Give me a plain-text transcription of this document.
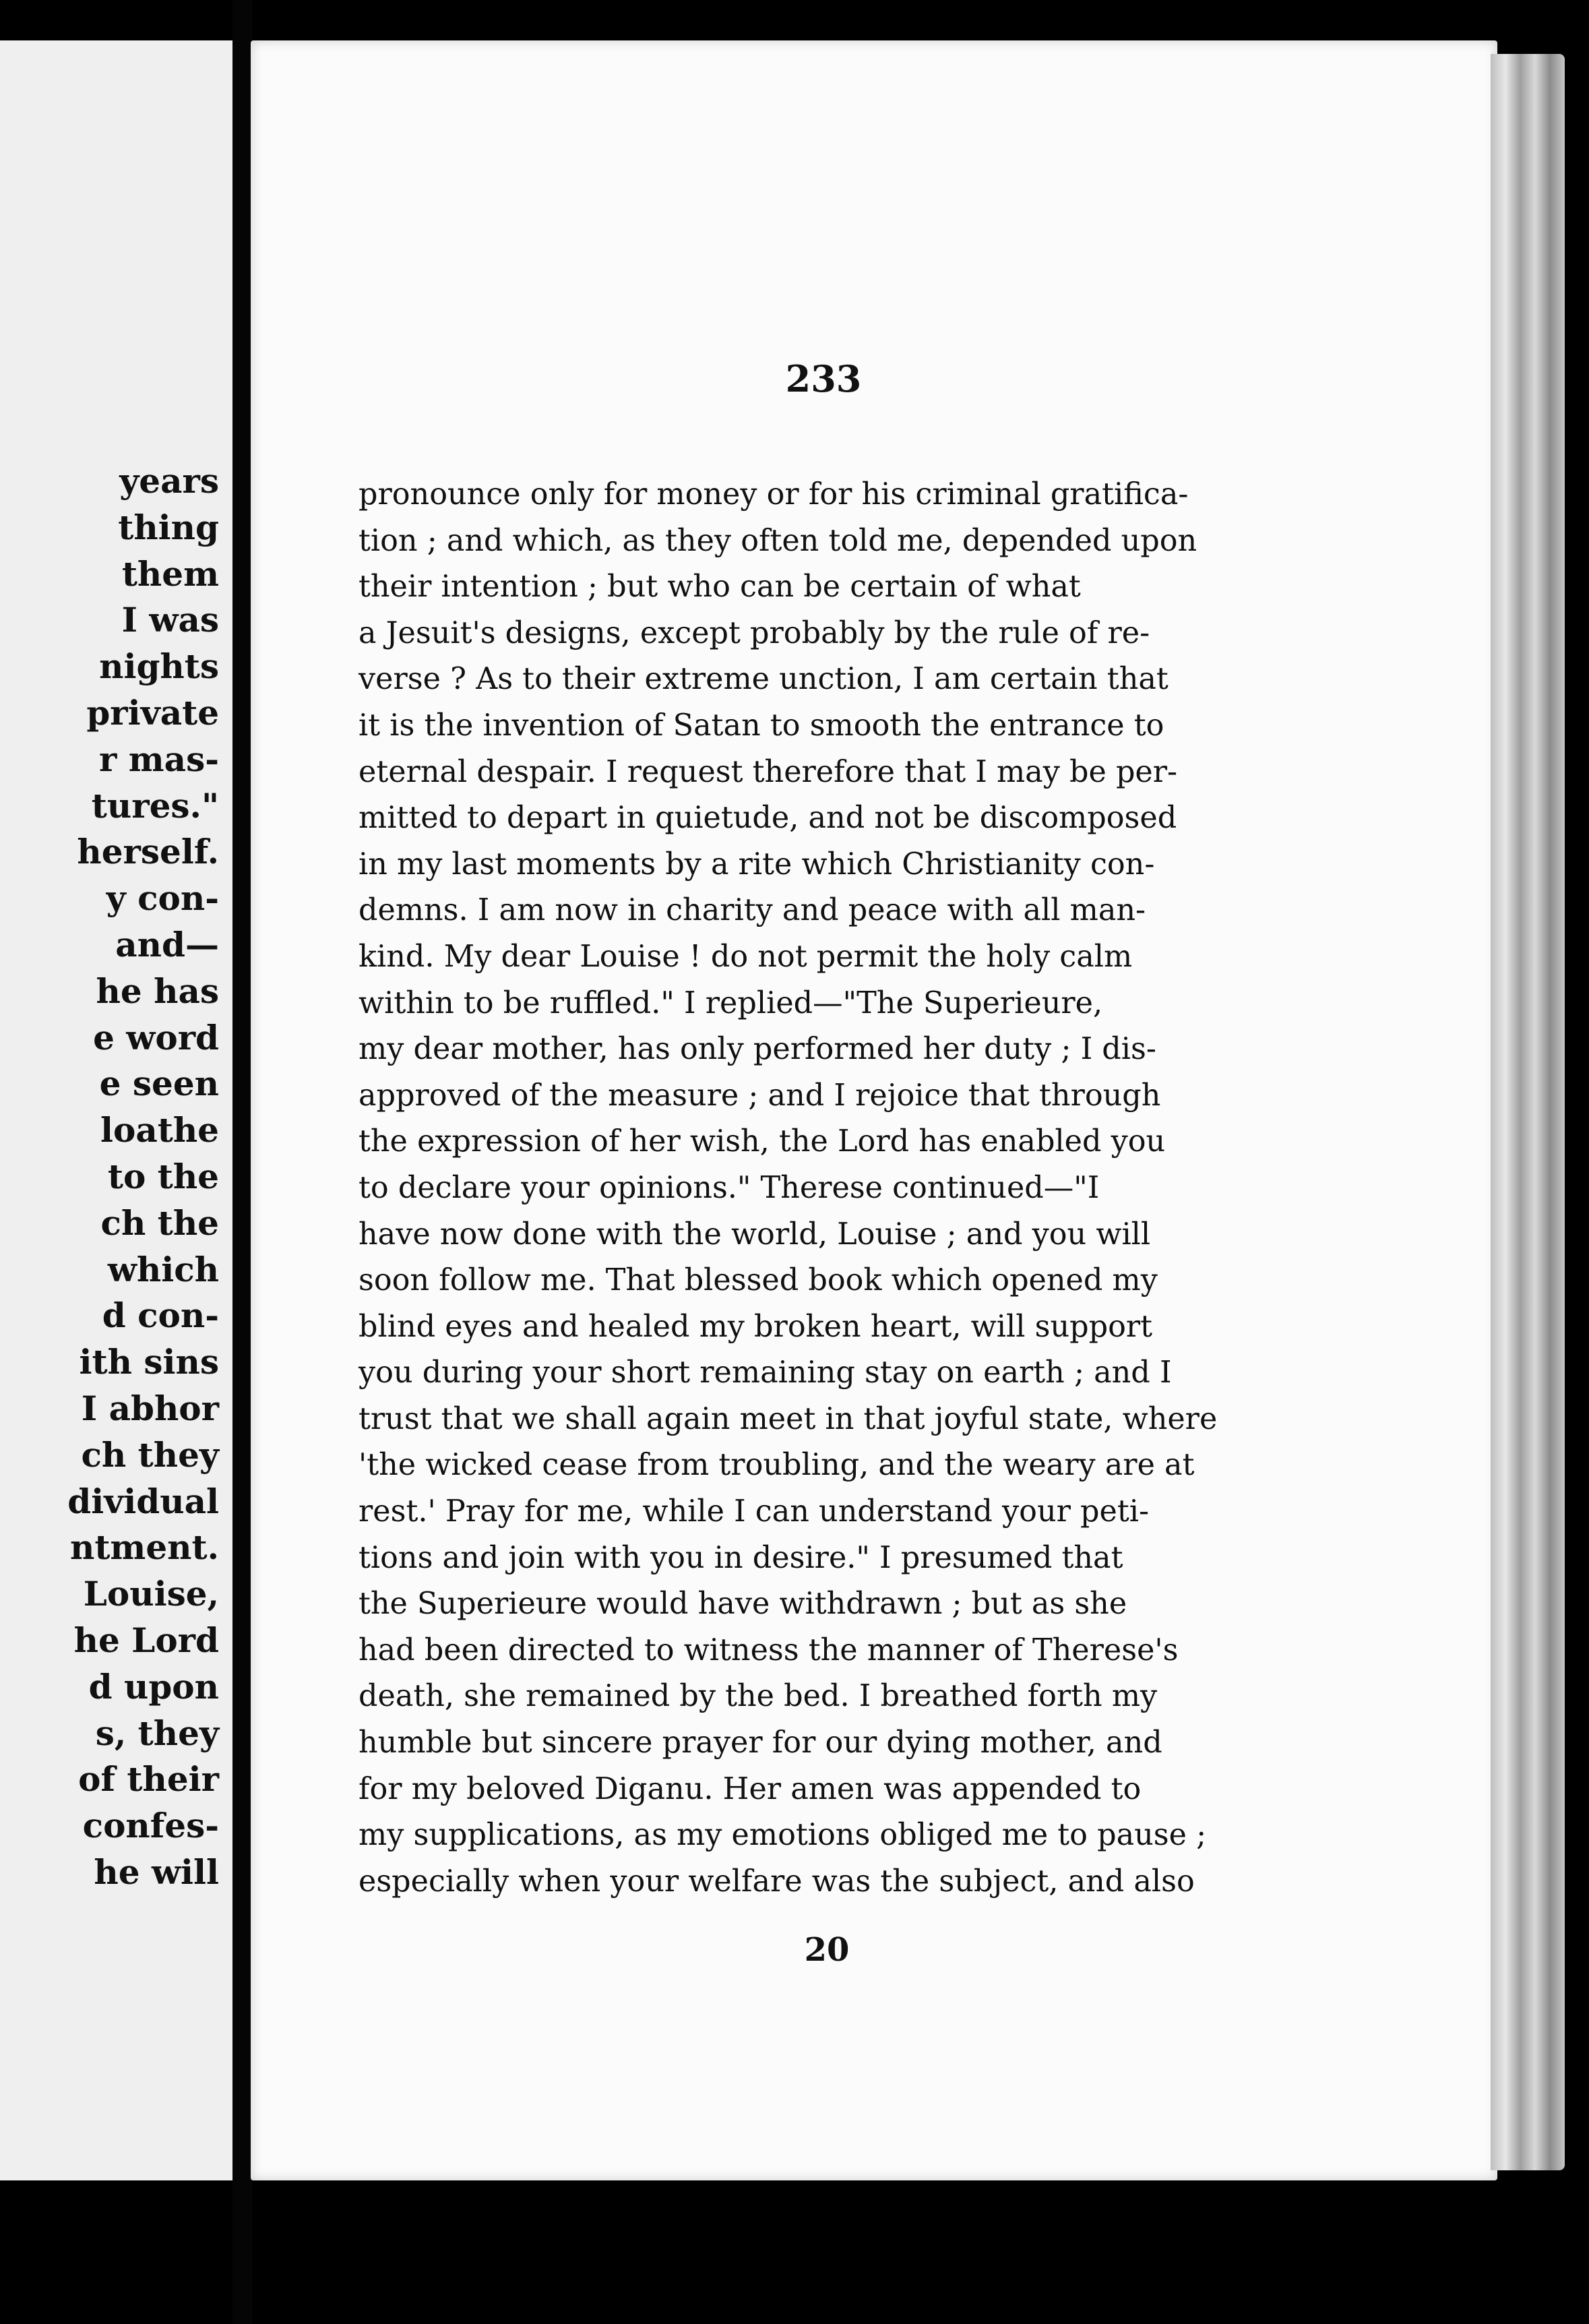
years
thing
them
I was
nights
private
r mas-
tures."
herself.
y con-
and—
he has
e word
e seen
loathe
to the
ch the
which
d con-
ith sins
I abhor
ch they
dividual
ntment.
Louise,
he Lord
d upon
s, they
of their
confes-
he will
233
pronounce only for money or for his criminal gratifica-
tion ; and which, as they often told me, depended upon
their intention ; but who can be certain of what
a Jesuit's designs, except probably by the rule of re-
verse ? As to their extreme unction, I am certain that
it is the invention of Satan to smooth the entrance to
eternal despair. I request therefore that I may be per-
mitted to depart in quietude, and not be discomposed
in my last moments by a rite which Christianity con-
demns. I am now in charity and peace with all man-
kind. My dear Louise ! do not permit the holy calm
within to be ruffled." I replied—"The Superieure,
my dear mother, has only performed her duty ; I dis-
approved of the measure ; and I rejoice that through
the expression of her wish, the Lord has enabled you
to declare your opinions." Therese continued—"I
have now done with the world, Louise ; and you will
soon follow me. That blessed book which opened my
blind eyes and healed my broken heart, will support
you during your short remaining stay on earth ; and I
trust that we shall again meet in that joyful state, where
'the wicked cease from troubling, and the weary are at
rest.' Pray for me, while I can understand your peti-
tions and join with you in desire." I presumed that
the Superieure would have withdrawn ; but as she
had been directed to witness the manner of Therese's
death, she remained by the bed. I breathed forth my
humble but sincere prayer for our dying mother, and
for my beloved Diganu. Her amen was appended to
my supplications, as my emotions obliged me to pause ;
especially when your welfare was the subject, and also
20
